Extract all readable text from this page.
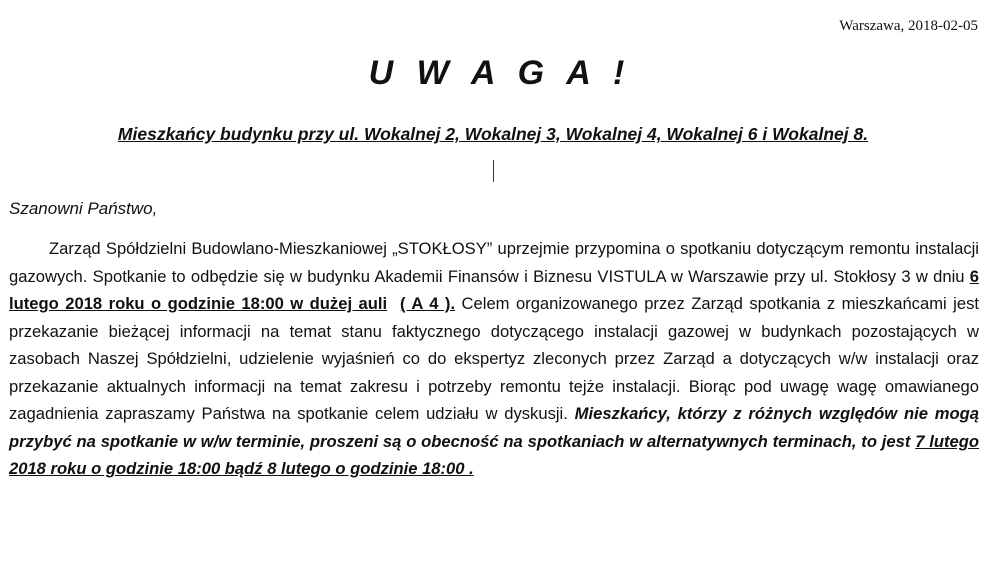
Warszawa, 2018-02-05
U W A G A !
Mieszkańcy budynku przy ul. Wokalnej 2, Wokalnej 3, Wokalnej 4, Wokalnej 6 i Wokalnej 8.
Szanowni Państwo,

Zarząd Spółdzielni Budowlano-Mieszkaniowej „STOKŁOSY” uprzejmie przypomina o spotkaniu dotyczącym remontu instalacji gazowych. Spotkanie to odbędzie się w budynku Akademii Finansów i Biznesu VISTULA w Warszawie przy ul. Stokłosy 3 w dniu 6 lutego 2018 roku o godzinie 18:00 w dużej auli ( A 4 ). Celem organizowanego przez Zarząd spotkania z mieszkańcami jest przekazanie bieżącej informacji na temat stanu faktycznego dotyczącego instalacji gazowej w budynkach pozostających w zasobach Naszej Spółdzielni, udzielenie wyjaśnień co do ekspertyz zleconych przez Zarząd a dotyczących w/w instalacji oraz przekazanie aktualnych informacji na temat zakresu i potrzeby remontu tejże instalacji. Biorąc pod uwagę wagę omawianego zagadnienia zapraszamy Państwa na spotkanie celem udziału w dyskusji. Mieszkańcy, którzy z różnych względów nie mogą przybyć na spotkanie w w/w terminie, proszeni są o obecność na spotkaniach w alternatywnych terminach, to jest 7 lutego 2018 roku o godzinie 18:00 bądź 8 lutego o godzinie 18:00 .
